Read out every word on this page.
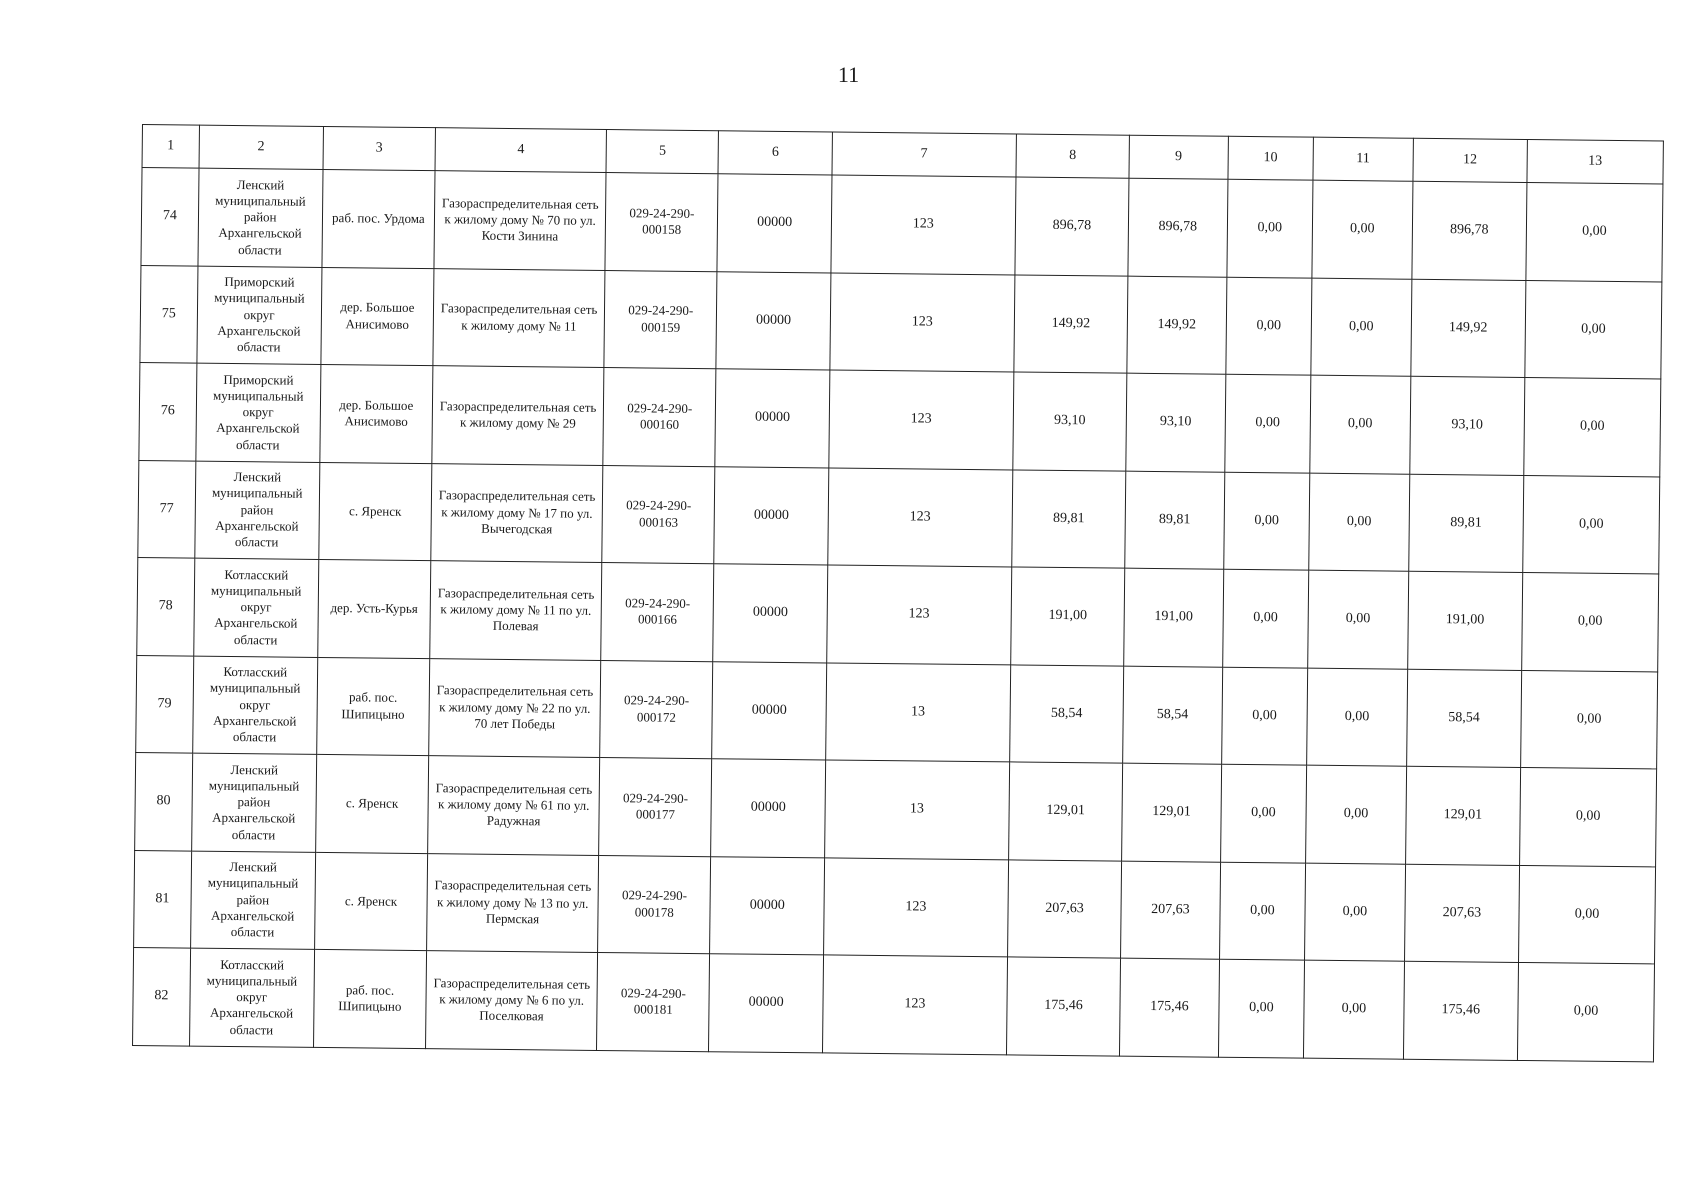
11
1	2	3	4	5	6	7	8	9	10	11	12	13
74	Ленский муниципальный район Архангельской области	раб. пос. Урдома	Газораспределительная сеть к жилому дому № 70 по ул. Кости Зинина	029-24-290-000158	00000	123	896,78	896,78	0,00	0,00	896,78	0,00
75	Приморский муниципальный округ Архангельской области	дер. Большое Анисимово	Газораспределительная сеть к жилому дому № 11	029-24-290-000159	00000	123	149,92	149,92	0,00	0,00	149,92	0,00
76	Приморский муниципальный округ Архангельской области	дер. Большое Анисимово	Газораспределительная сеть к жилому дому № 29	029-24-290-000160	00000	123	93,10	93,10	0,00	0,00	93,10	0,00
77	Ленский муниципальный район Архангельской области	с. Яренск	Газораспределительная сеть к жилому дому № 17 по ул. Вычегодская	029-24-290-000163	00000	123	89,81	89,81	0,00	0,00	89,81	0,00
78	Котласский муниципальный округ Архангельской области	дер. Усть-Курья	Газораспределительная сеть к жилому дому № 11 по ул. Полевая	029-24-290-000166	00000	123	191,00	191,00	0,00	0,00	191,00	0,00
79	Котласский муниципальный округ Архангельской области	раб. пос. Шипицыно	Газораспределительная сеть к жилому дому № 22 по ул. 70 лет Победы	029-24-290-000172	00000	13	58,54	58,54	0,00	0,00	58,54	0,00
80	Ленский муниципальный район Архангельской области	с. Яренск	Газораспределительная сеть к жилому дому № 61 по ул. Радужная	029-24-290-000177	00000	13	129,01	129,01	0,00	0,00	129,01	0,00
81	Ленский муниципальный район Архангельской области	с. Яренск	Газораспределительная сеть к жилому дому № 13 по ул. Пермская	029-24-290-000178	00000	123	207,63	207,63	0,00	0,00	207,63	0,00
82	Котласский муниципальный округ Архангельской области	раб. пос. Шипицыно	Газораспределительная сеть к жилому дому № 6 по ул. Поселковая	029-24-290-000181	00000	123	175,46	175,46	0,00	0,00	175,46	0,00
